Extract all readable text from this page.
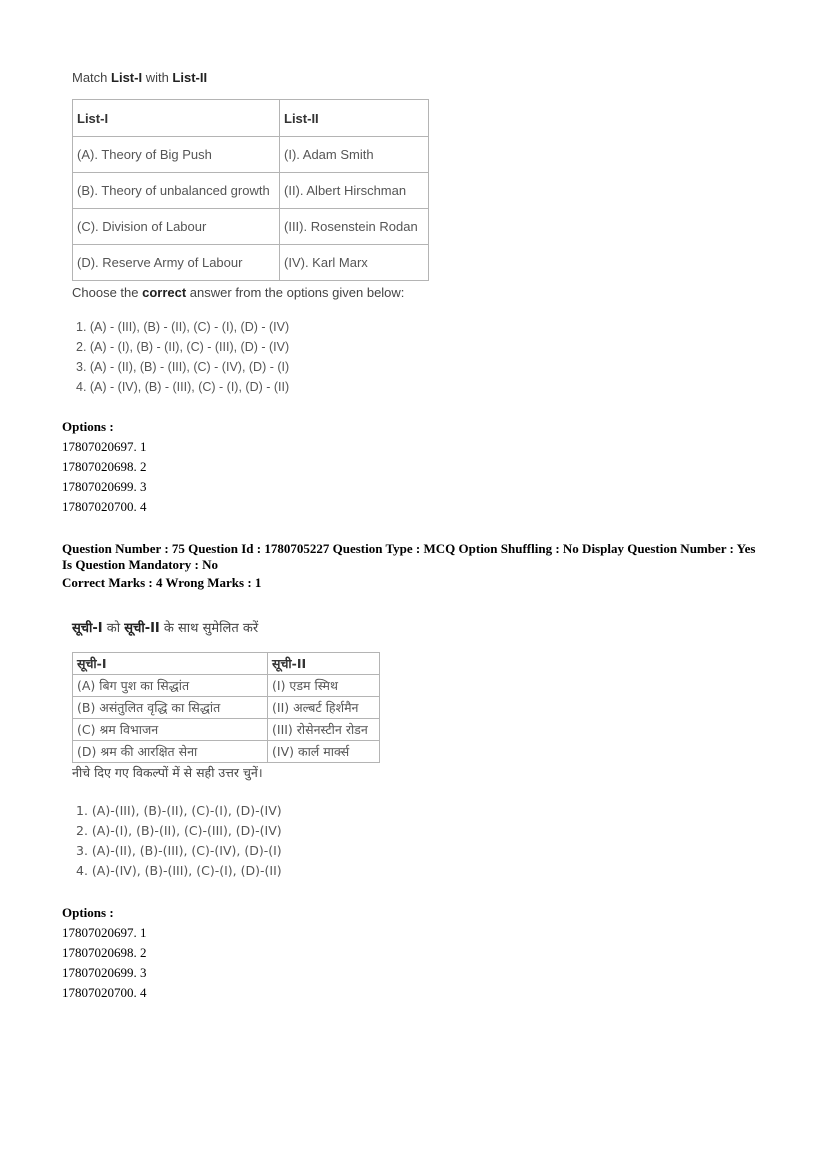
Match List-I with List-II
List-I	List-II
(A). Theory of Big Push	(I). Adam Smith
(B). Theory of unbalanced growth	(II). Albert Hirschman
(C). Division of Labour	(III). Rosenstein Rodan
(D). Reserve Army of Labour	(IV). Karl Marx
Choose the correct answer from the options given below:
1. (A) - (III), (B) - (II), (C) - (I), (D) - (IV)
2. (A) - (I), (B) - (II), (C) - (III), (D) - (IV)
3. (A) - (II), (B) - (III), (C) - (IV), (D) - (I)
4. (A) - (IV), (B) - (III), (C) - (I), (D) - (II)
Options :
17807020697. 1
17807020698. 2
17807020699. 3
17807020700. 4
Question Number : 75 Question Id : 1780705227 Question Type : MCQ Option Shuffling : No Display Question Number : Yes
Is Question Mandatory : No
Correct Marks : 4 Wrong Marks : 1
सूची-I को सूची-II के साथ सुमेलित करें
सूची-I	सूची-II
(A) बिग पुश का सिद्धांत	(I) एडम स्मिथ
(B) असंतुलित वृद्धि का सिद्धांत	(II) अल्बर्ट हिर्शमैन
(C) श्रम विभाजन	(III) रोसेनस्टीन रोडन
(D) श्रम की आरक्षित सेना	(IV) कार्ल मार्क्स
नीचे दिए गए विकल्पों में से सही उत्तर चुनें।
1. (A)-(III), (B)-(II), (C)-(I), (D)-(IV)
2. (A)-(I), (B)-(II), (C)-(III), (D)-(IV)
3. (A)-(II), (B)-(III), (C)-(IV), (D)-(I)
4. (A)-(IV), (B)-(III), (C)-(I), (D)-(II)
Options :
17807020697. 1
17807020698. 2
17807020699. 3
17807020700. 4
